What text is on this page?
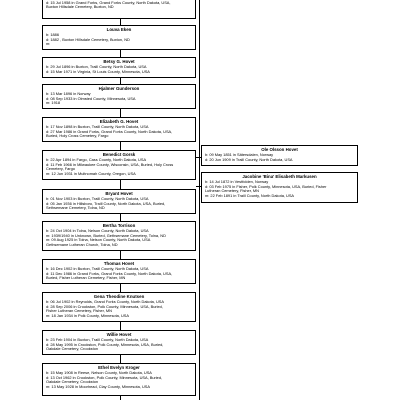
d: 15 Jul 1958 in Grand Forks, Grand Forks County, North Dakota, USA,
Buxton Hillsdale Cemetery, Buxton, ND
Louva Eken
b: 1886
d: 1882 , Buxton Hillsdale Cemetery, Buxton, ND
m:
Betsy G. Hovet
b: 29 Jul 1896 in Buxton, Traill County, North Dakota, USA
d: 15 Mar 1971 in Virginia, St Louis County, Minnesota, USA
Hjalmer Gunderson
b: 13 Mar 1896 in Norway
d: 08 Sep 1933 in Olmsted County, Minnesota, USA
m: 1918
Elizabeth G. Hovet
b: 17 Nov 1898 in Buxton, Traill County, North Dakota, USA
d: 27 Mar 1986 in Grand Forks, Grand Forks County, North Dakota, USA,
Buried, Holy Cross Cemetery, Fargo
Benedict Gorsk
b: 22 Apr 1894 in Fargo, Cass County, North Dakota, USA
d: 11 Feb 1966 in Milwaukee County, Wisconsin, USA, Buried, Holy Cross
Cemetery, Fargo
m: 12 Jun 1931 in Multnomah County, Oregon, USA
Bryant Hovet
b: 01 Nov 1903 in Buxton, Traill County, North Dakota, USA
d: 05 Jan 1936 in Hillsboro, Traill County, North Dakota, USA, Buried,
Sethsemane Cemetery, Tolna, ND
Bertha Torrison
b: 24 Oct 1904 in Tolna, Nelson County, North Dakota, USA
m: 1939/1940 in Unknown, Buried, Gethsemane Cemetery, Tolna, ND
m: 09 Aug 1925 in Tolna, Nelson County, North Dakota, USA
Gethsemane Lutheran Church, Tolna, ND
Thomas Hovet
b: 16 Dec 1902 in Buxton, Traill County, North Dakota, USA
d: 11 Dec 1986 in Grand Forks, Grand Forks County, North Dakota, USA,
Buried, Fisher Lutheran Cemetery, Fisher, MN
Gena Theodine Knutsen
b: 06 Jul 1902 in Reynolds, Grand Forks County, North Dakota, USA
d: 28 Sep 2006 in Crookston, Polk County, Minnesota, USA, Buried,
Fisher Lutheran Cemetery, Fisher, MN
m: 18 Jan 1934 in Polk County, Minnesota, USA
Willie Hovet
b: 23 Feb 1904 in Buxton, Traill County, North Dakota, USA
d: 28 May 1995 in Crookston, Polk County, Minnesota, USA, Buried,
Oakdale Cemetery, Crookston
Ethel Evelyn Kroger
b: 15 May 1908 in Reese, Nelson County, North Dakota, USA
d: 13 Oct 1962 in Crookston, Polk County, Minnesota, USA, Buried,
Oakdale Cemetery, Crookston
m: 13 May 1928 in Moorhead, Clay County, Minnesota, USA
Ole Olsson Hovet
b: 09 May 1851 in Sätersdalen, Norway
d: 20 Jun 1909 in Traill County, North Dakota, USA
Jacobine 'Bina' Elisabeth Markusen
b: 14 Jul 1872 in Vestfolden, Norway
d: 03 Feb 1975 in Fisher, Polk County, Minnesota, USA, Buried, Fisher
Lutheran Cemetery, Fisher, MN
m: 22 Feb 1891 in Traill County, North Dakota, USA
